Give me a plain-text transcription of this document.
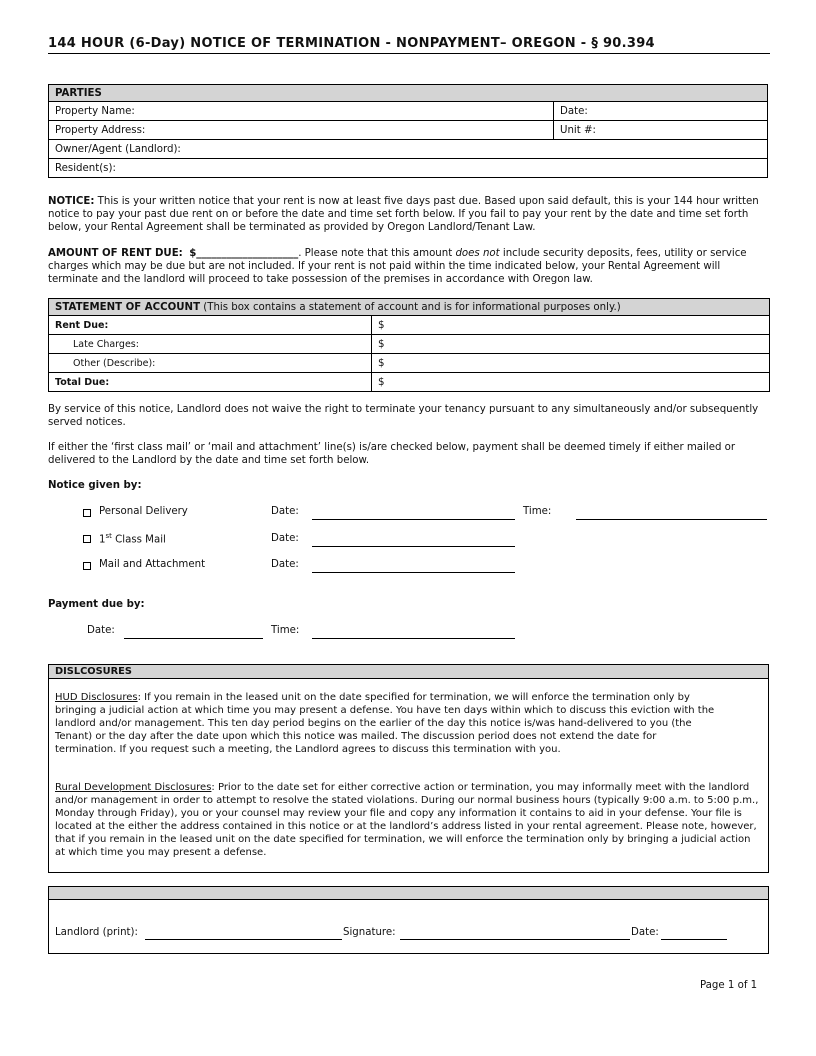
144 HOUR (6-Day) NOTICE OF TERMINATION - NONPAYMENT– OREGON - § 90.394
PARTIES	
Property Name:	Date:
Property Address:	Unit #:
Owner/Agent (Landlord):	
Resident(s):	
NOTICE: This is your written notice that your rent is now at least five days past due. Based upon said default, this is your 144 hour written notice to pay your past due rent on or before the date and time set forth below. If you fail to pay your rent by the date and time set forth below, your Rental Agreement shall be terminated as provided by Oregon Landlord/Tenant Law.
AMOUNT OF RENT DUE: $____________________. Please note that this amount does not include security deposits, fees, utility or service charges which may be due but are not included. If your rent is not paid within the time indicated below, your Rental Agreement will terminate and the landlord will proceed to take possession of the premises in accordance with Oregon law.
STATEMENT OF ACCOUNT (This box contains a statement of account and is for informational purposes only.)	
Rent Due:	$
Late Charges:	$
Other (Describe):	$
Total Due:	$
By service of this notice, Landlord does not waive the right to terminate your tenancy pursuant to any simultaneously and/or subsequently served notices.
If either the ‘first class mail’ or ‘mail and attachment’ line(s) is/are checked below, payment shall be deemed timely if either mailed or delivered to the Landlord by the date and time set forth below.
Notice given by:
Personal Delivery	Date:	Time:
1st Class Mail	Date:
Mail and Attachment	Date:
Payment due by:
Date:	Time:
DISLCOSURES
HUD Disclosures: If you remain in the leased unit on the date specified for termination, we will enforce the termination only by bringing a judicial action at which time you may present a defense. You have ten days within which to discuss this eviction with the landlord and/or management. This ten day period begins on the earlier of the day this notice is/was hand-delivered to you (the Tenant) or the day after the date upon which this notice was mailed. The discussion period does not extend the date for termination. If you request such a meeting, the Landlord agrees to discuss this termination with you.
Rural Development Disclosures: Prior to the date set for either corrective action or termination, you may informally meet with the landlord and/or management in order to attempt to resolve the stated violations. During our normal business hours (typically 9:00 a.m. to 5:00 p.m., Monday through Friday), you or your counsel may review your file and copy any information it contains to aid in your defense. Your file is located at the either the address contained in this notice or at the landlord’s address listed in your rental agreement. Please note, however, that if you remain in the leased unit on the date specified for termination, we will enforce the termination only by bringing a judicial action at which time you may present a defense.
Landlord (print):	Signature:	Date:
Page 1 of 1
